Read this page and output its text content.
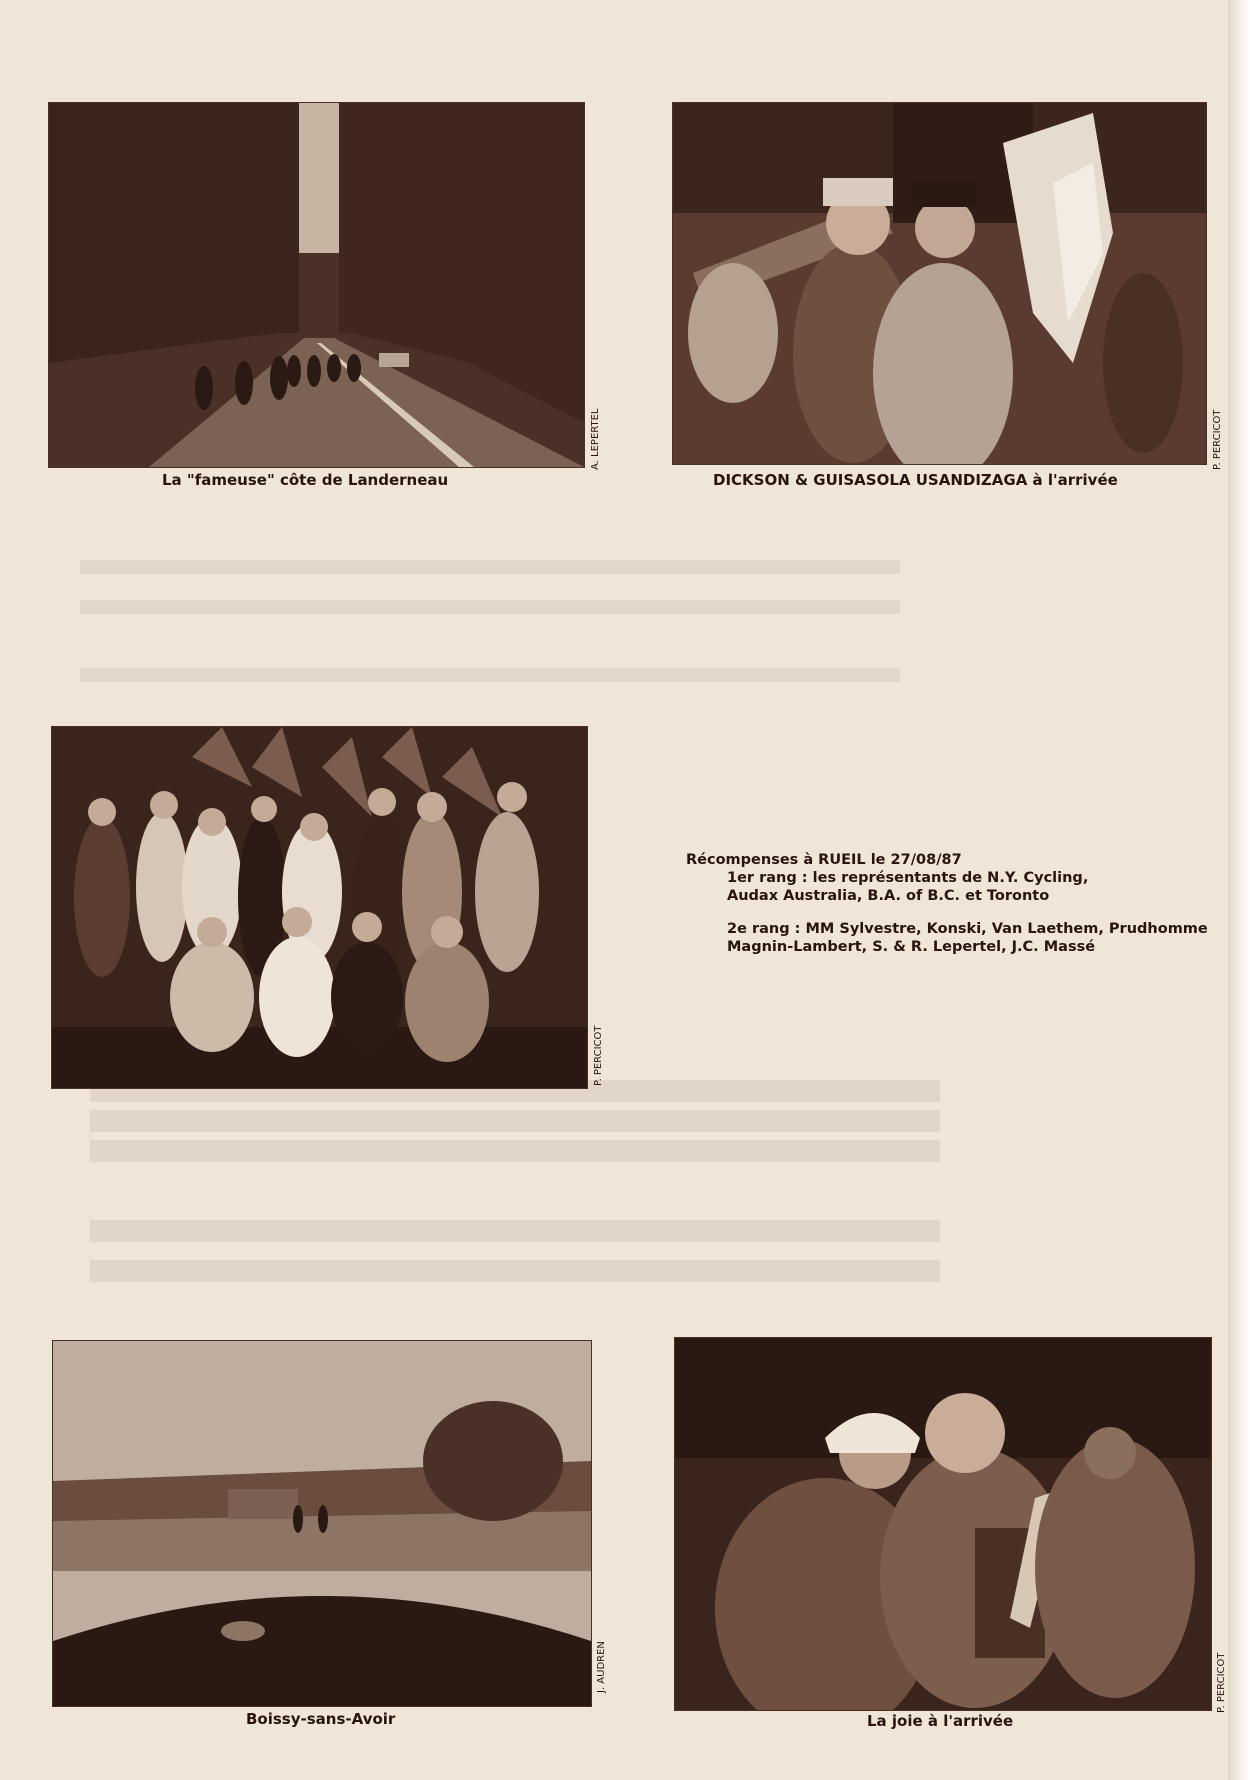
A. LEPERTEL
La "fameuse" côte de Landerneau
P. PERCICOT
DICKSON & GUISASOLA USANDIZAGA à l'arrivée
P. PERCICOT
Récompenses à RUEIL le 27/08/87
1er rang : les représentants de N.Y. Cycling,
Audax Australia, B.A. of B.C. et Toronto
2e rang : MM Sylvestre, Konski, Van Laethem, Prudhomme
Magnin-Lambert, S. & R. Lepertel, J.C. Massé
J. AUDREN
Boissy-sans-Avoir
P. PERCICOT
La joie à l'arrivée
